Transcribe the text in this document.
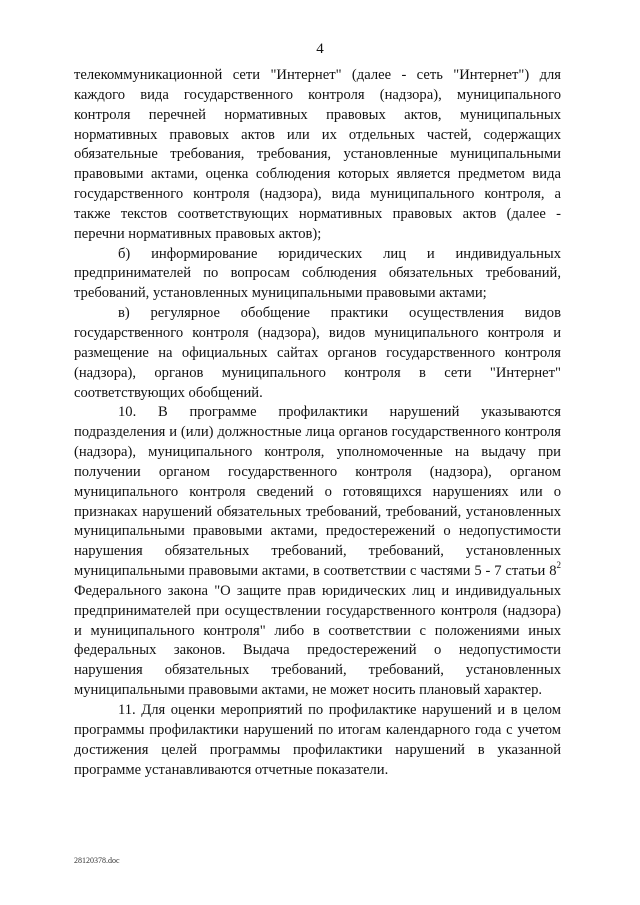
4

телекоммуникационной сети "Интернет" (далее - сеть "Интернет") для каждого вида государственного контроля (надзора), муниципального контроля перечней нормативных правовых актов, муниципальных нормативных правовых актов или их отдельных частей, содержащих обязательные требования, требования, установленные муниципальными правовыми актами, оценка соблюдения которых является предметом вида государственного контроля (надзора), вида муниципального контроля, а также текстов соответствующих нормативных правовых актов (далее - перечни нормативных правовых актов);

б) информирование юридических лиц и индивидуальных предпринимателей по вопросам соблюдения обязательных требований, требований, установленных муниципальными правовыми актами;

в) регулярное обобщение практики осуществления видов государственного контроля (надзора), видов муниципального контроля и размещение на официальных сайтах органов государственного контроля (надзора), органов муниципального контроля в сети "Интернет" соответствующих обобщений.

10. В программе профилактики нарушений указываются подразделения и (или) должностные лица органов государственного контроля (надзора), муниципального контроля, уполномоченные на выдачу при получении органом государственного контроля (надзора), органом муниципального контроля сведений о готовящихся нарушениях или о признаках нарушений обязательных требований, требований, установленных муниципальными правовыми актами, предостережений о недопустимости нарушения обязательных требований, требований, установленных муниципальными правовыми актами, в соответствии с частями 5 - 7 статьи $8^2$ Федерального закона "О защите прав юридических лиц и индивидуальных предпринимателей при осуществлении государственного контроля (надзора) и муниципального контроля" либо в соответствии с положениями иных федеральных законов. Выдача предостережений о недопустимости нарушения обязательных требований, требований, установленных муниципальными правовыми актами, не может носить плановый характер.

11. Для оценки мероприятий по профилактике нарушений и в целом программы профилактики нарушений по итогам календарного года с учетом достижения целей программы профилактики нарушений в указанной программе устанавливаются отчетные показатели.

28120378.doc
